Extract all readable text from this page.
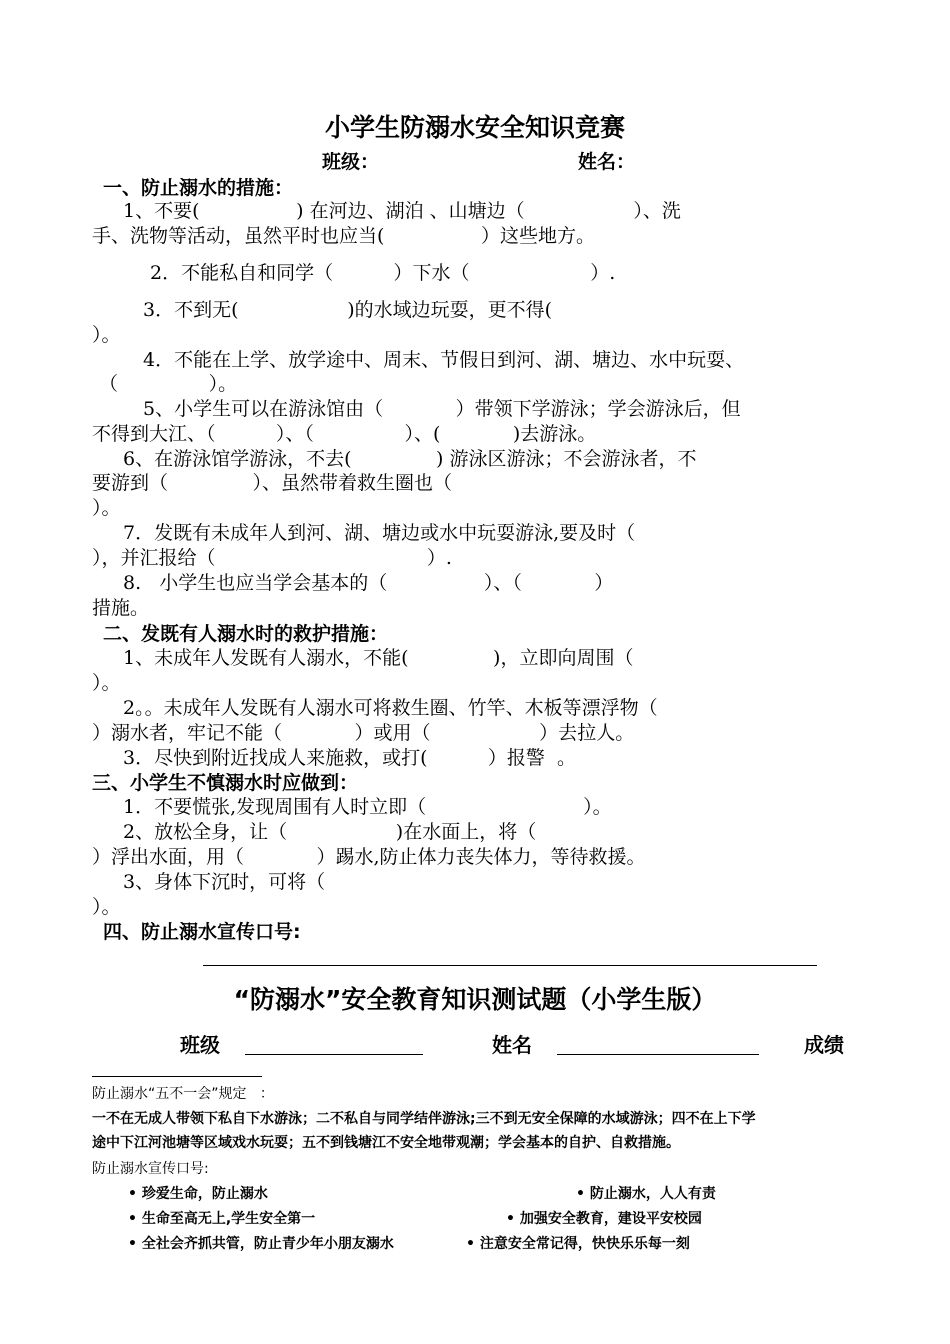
小学生防溺水安全知识竞赛
班级：	姓名：
一、防止溺水的措施：
1、不要(                ) 在河边、湖泊 、山塘边（                  ）、洗
手、洗物等活动，虽然平时也应当(                ）这些地方。
2．不能私自和同学（          ）下水（                    ）.
3．不到无(                  )的水域边玩耍，更不得(
）。
4．不能在上学、放学途中、周末、节假日到河、湖、塘边、水中玩耍、
（               ）。
5、小学生可以在游泳馆由（            ）带领下学游泳；学会游泳后，但
不得到大江、（          ）、（               ）、(            )去游泳。
6、在游泳馆学游泳，不去(              ) 游泳区游泳；不会游泳者，不
要游到（              ）、虽然带着救生圈也（
）。
7．发既有未成年人到河、湖、塘边或水中玩耍游泳,要及时（
），并汇报给（                                   ）.
8.   小学生也应当学会基本的（                ）、（            ）
措施。
二、发既有人溺水时的救护措施：
1、未成年人发既有人溺水，不能(              )，立即向周围（
）。
2。。未成年人发既有人溺水可将救生圈、竹竿、木板等漂浮物（
）溺水者，牢记不能（            ）或用（                  ）去拉人。
3．尽快到附近找成人来施救，或打(          ）报警  。
三、小学生不慎溺水时应做到：
1．不要慌张,发现周围有人时立即（                          ）。
2、放松全身，让（                  )在水面上，将（
）浮出水面，用（            ）踢水,防止体力丧失体力，等待救援。
3、身体下沉时，可将（
）。
四、防止溺水宣传口号:
“防溺水”安全教育知识测试题（小学生版）
班级	姓名	成绩
防止溺水“五不一会”规定   ：
一不在无成人带领下私自下水游泳；二不私自与同学结伴游泳;三不到无安全保障的水域游泳；四不在上下学
途中下江河池塘等区域戏水玩耍；五不到钱塘江不安全地带观潮；学会基本的自护、自救措施。
防止溺水宣传口号:
• 珍爱生命，防止溺水	• 防止溺水，人人有责
• 生命至高无上,学生安全第一	• 加强安全教育，建设平安校园
• 全社会齐抓共管，防止青少年小朋友溺水	• 注意安全常记得，快快乐乐每一刻
